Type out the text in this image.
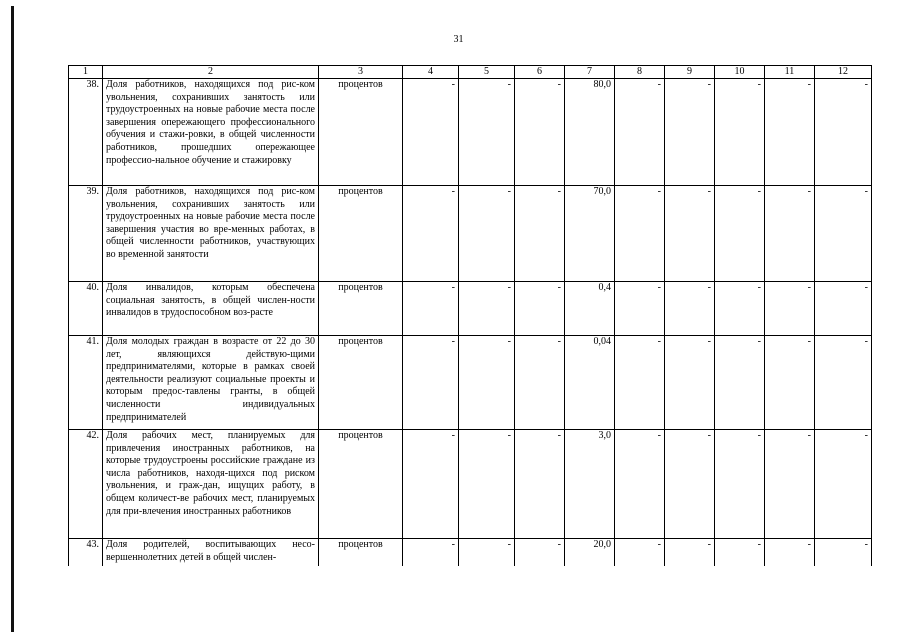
31
1	2	3	4	5	6	7	8	9	10	11	12
38.	Доля работников, находящихся под рис-ком увольнения, сохранивших занятость или трудоустроенных на новые рабочие места после завершения опережающего профессионального обучения и стажи-ровки, в общей численности работников, прошедших опережающее профессио-нальное обучение и стажировку	процентов	-	-	-	80,0	-	-	-	-	-
39.	Доля работников, находящихся под рис-ком увольнения, сохранивших занятость или трудоустроенных на новые рабочие места после завершения участия во вре-менных работах, в общей численности работников, участвующих во временной занятости	процентов	-	-	-	70,0	-	-	-	-	-
40.	Доля инвалидов, которым обеспечена социальная занятость, в общей числен-ности инвалидов в трудоспособном воз-расте	процентов	-	-	-	0,4	-	-	-	-	-
41.	Доля молодых граждан в возрасте от 22 до 30 лет, являющихся действую-щими предпринимателями, которые в рамках своей деятельности реализуют социальные проекты и которым предос-тавлены гранты, в общей численности индивидуальных предпринимателей	процентов	-	-	-	0,04	-	-	-	-	-
42.	Доля рабочих мест, планируемых для привлечения иностранных работников, на которые трудоустроены российские граждане из числа работников, находя-щихся под риском увольнения, и граж-дан, ищущих работу, в общем количест-ве рабочих мест, планируемых для при-влечения иностранных работников	процентов	-	-	-	3,0	-	-	-	-	-
43.	Доля родителей, воспитывающих несо-вершеннолетних детей в общей числен-	процентов	-	-	-	20,0	-	-	-	-	-
